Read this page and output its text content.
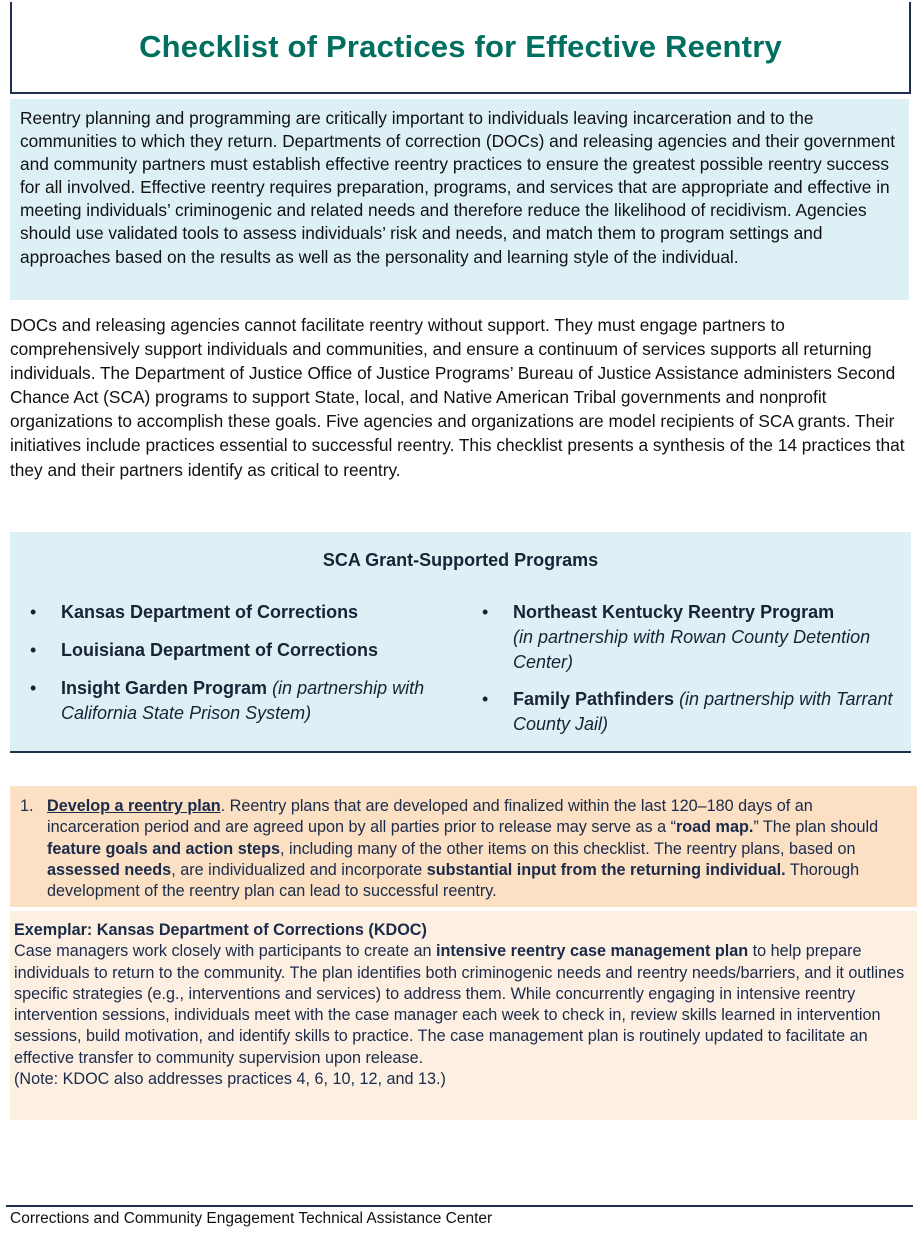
Checklist of Practices for Effective Reentry

Reentry planning and programming are critically important to individuals leaving incarceration and to the communities to which they return. Departments of correction (DOCs) and releasing agencies and their government and community partners must establish effective reentry practices to ensure the greatest possible reentry success for all involved. Effective reentry requires preparation, programs, and services that are appropriate and effective in meeting individuals’ criminogenic and related needs and therefore reduce the likelihood of recidivism. Agencies should use validated tools to assess individuals’ risk and needs, and match them to program settings and approaches based on the results as well as the personality and learning style of the individual.

DOCs and releasing agencies cannot facilitate reentry without support. They must engage partners to comprehensively support individuals and communities, and ensure a continuum of services supports all returning individuals. The Department of Justice Office of Justice Programs’ Bureau of Justice Assistance administers Second Chance Act (SCA) programs to support State, local, and Native American Tribal governments and nonprofit organizations to accomplish these goals. Five agencies and organizations are model recipients of SCA grants. Their initiatives include practices essential to successful reentry. This checklist presents a synthesis of the 14 practices that they and their partners identify as critical to reentry.

SCA Grant-Supported Programs
• Kansas Department of Corrections
• Louisiana Department of Corrections
• Insight Garden Program (in partnership with California State Prison System)
• Northeast Kentucky Reentry Program
(in partnership with Rowan County Detention Center)
• Family Pathfinders (in partnership with Tarrant County Jail)
1. Develop a reentry plan. Reentry plans that are developed and finalized within the last 120–180 days of an incarceration period and are agreed upon by all parties prior to release may serve as a “road map.” The plan should feature goals and action steps, including many of the other items on this checklist. The reentry plans, based on assessed needs, are individualized and incorporate substantial input from the returning individual. Thorough development of the reentry plan can lead to successful reentry.
Exemplar: Kansas Department of Corrections (KDOC)
Case managers work closely with participants to create an intensive reentry case management plan to help prepare individuals to return to the community. The plan identifies both criminogenic needs and reentry needs/barriers, and it outlines specific strategies (e.g., interventions and services) to address them. While concurrently engaging in intensive reentry intervention sessions, individuals meet with the case manager each week to check in, review skills learned in intervention sessions, build motivation, and identify skills to practice. The case management plan is routinely updated to facilitate an effective transfer to community supervision upon release.
(Note: KDOC also addresses practices 4, 6, 10, 12, and 13.)
Corrections and Community Engagement Technical Assistance Center
